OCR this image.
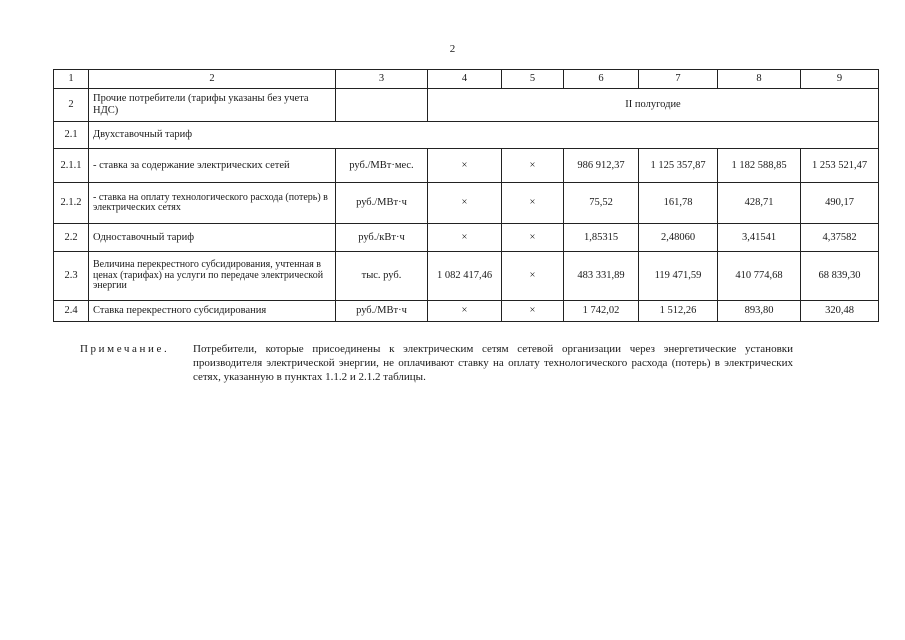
2
1	2	3	4	5	6	7	8	9
2	Прочие потребители (тарифы указаны без учета НДС)		II полугодие					
2.1	Двухставочный тариф							
2.1.1	- ставка за содержание электрических сетей	руб./МВт·мес.	×	×	986 912,37	1 125 357,87	1 182 588,85	1 253 521,47
2.1.2	- ставка на оплату технологического расхода (потерь) в электрических сетях	руб./МВт·ч	×	×	75,52	161,78	428,71	490,17
2.2	Одноставочный тариф	руб./кВт·ч	×	×	1,85315	2,48060	3,41541	4,37582
2.3	Величина перекрестного субсидирования, учтенная в ценах (тарифах) на услуги по передаче электрической энергии	тыс. руб.	1 082 417,46	×	483 331,89	119 471,59	410 774,68	68 839,30
2.4	Ставка перекрестного субсидирования	руб./МВт·ч	×	×	1 742,02	1 512,26	893,80	320,48
Примечание.	Потребители, которые присоединены к электрическим сетям сетевой организации через энергетические установки производителя электрической энергии, не оплачивают ставку на оплату технологического расхода (потерь) в электрических сетях, указанную в пунктах 1.1.2 и 2.1.2 таблицы.
